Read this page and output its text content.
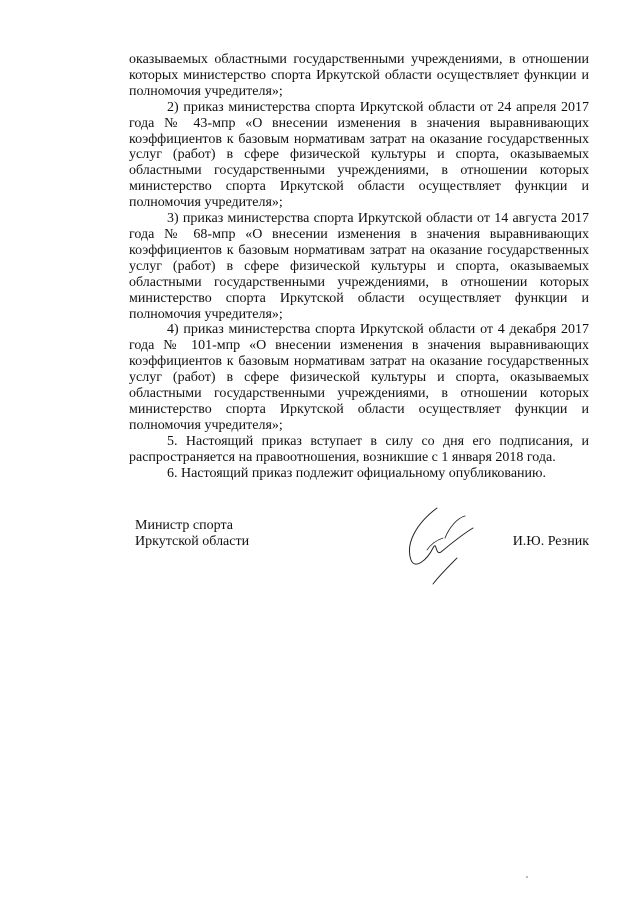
оказываемых областными государственными учреждениями, в отношении которых министерство спорта Иркутской области осуществляет функции и полномочия учредителя»;

2) приказ министерства спорта Иркутской области от 24 апреля 2017 года № 43-мпр «О внесении изменения в значения выравнивающих коэффициентов к базовым нормативам затрат на оказание государственных услуг (работ) в сфере физической культуры и спорта, оказываемых областными государственными учреждениями, в отношении которых министерство спорта Иркутской области осуществляет функции и полномочия учредителя»;

3) приказ министерства спорта Иркутской области от 14 августа 2017 года № 68-мпр «О внесении изменения в значения выравнивающих коэффициентов к базовым нормативам затрат на оказание государственных услуг (работ) в сфере физической культуры и спорта, оказываемых областными государственными учреждениями, в отношении которых министерство спорта Иркутской области осуществляет функции и полномочия учредителя»;

4) приказ министерства спорта Иркутской области от 4 декабря 2017 года № 101-мпр «О внесении изменения в значения выравнивающих коэффициентов к базовым нормативам затрат на оказание государственных услуг (работ) в сфере физической культуры и спорта, оказываемых областными государственными учреждениями, в отношении которых министерство спорта Иркутской области осуществляет функции и полномочия учредителя»;

5. Настоящий приказ вступает в силу со дня его подписания, и распространяется на правоотношения, возникшие с 1 января 2018 года.

6. Настоящий приказ подлежит официальному опубликованию.

Министр спорта
Иркутской области	И.Ю. Резник
